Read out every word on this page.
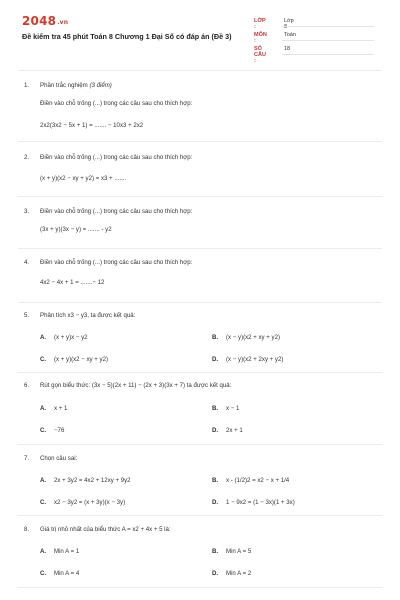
2048.vn
Đề kiểm tra 45 phút Toán 8 Chương 1 Đại Số có đáp án (Đề 3)
LỚP :
Lớp 8
MÔN :
Toán
SỐ CÂU :
18
1. Phần trắc nghiệm (3 điểm)
Điền vào chỗ trống (...) trong các câu sau cho thích hợp:
2x2(3x2 − 5x + 1) = ....... − 10x3 + 2x2
2. Điền vào chỗ trống (...) trong các câu sau cho thích hợp:
(x + y)(x2 − xy + y2) = x3 + .......
3. Điền vào chỗ trống (...) trong các câu sau cho thích hợp:
(3x + y)(3x − y) = ....... - y2
4. Điền vào chỗ trống (...) trong các câu sau cho thích hợp:
4x2 − 4x + 1 = .......− 12
5. Phân tích x3 − y3, ta được kết quả:
A. (x + y)x − y2	B. (x − y)(x2 + xy + y2)
C. (x + y)(x2 − xy + y2)	D. (x − y)(x2 + 2xy + y2)
6. Rút gọn biểu thức: (3x − 5)(2x + 11) − (2x + 3)(3x + 7) ta được kết quả:
A. x + 1	B. x − 1
C. −76	D. 2x + 1
7. Chọn câu sai:
A. 2x + 3y2 = 4x2 + 12xy + 9y2	B. x - (1/2)2 = x2 − x + 1/4
C. x2 − 3y2 = (x + 3y)(x − 3y)	D. 1 − 9x2 = (1 − 3x)(1 + 3x)
8. Giá trị nhỏ nhất của biểu thức A = x2 + 4x + 5 là:
A. Min A = 1	B. Min A = 5
C. Min A = 4	D. Min A = 2
